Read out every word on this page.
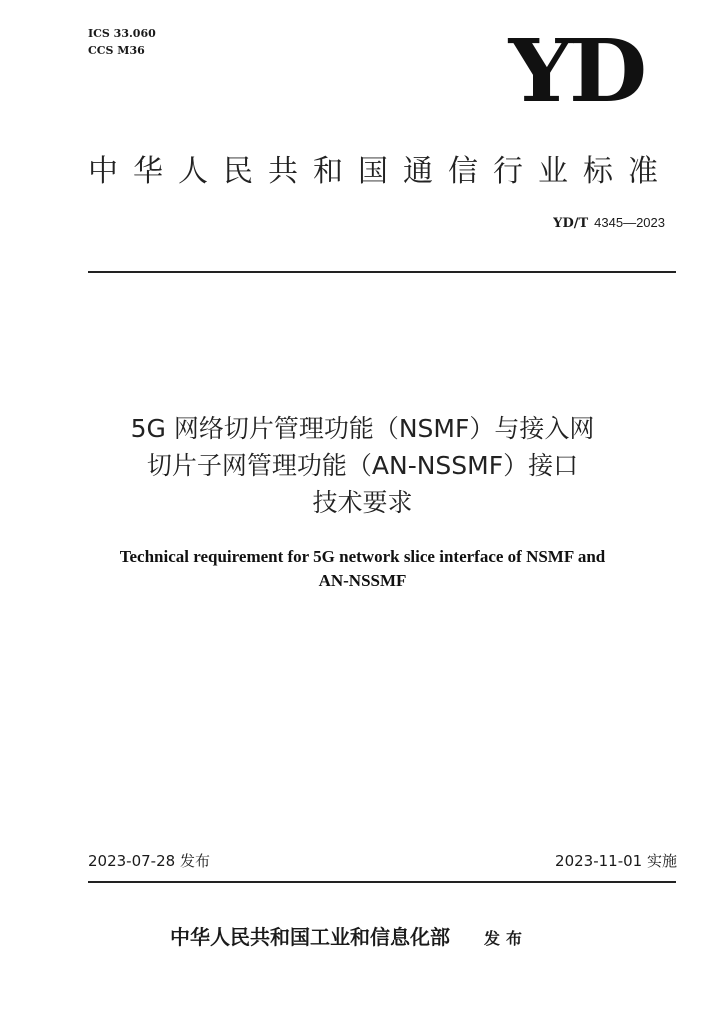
ICS 33.060
CCS M36	YD
中华人民共和国通信行业标准
YD/T 4345—2023
5G 网络切片管理功能（NSMF）与接入网
切片子网管理功能（AN-NSSMF）接口
技术要求
Technical requirement for 5G network slice interface of NSMF and
AN-NSSMF
2023-07-28 发布	2023-11-01 实施
中华人民共和国工业和信息化部 发布
